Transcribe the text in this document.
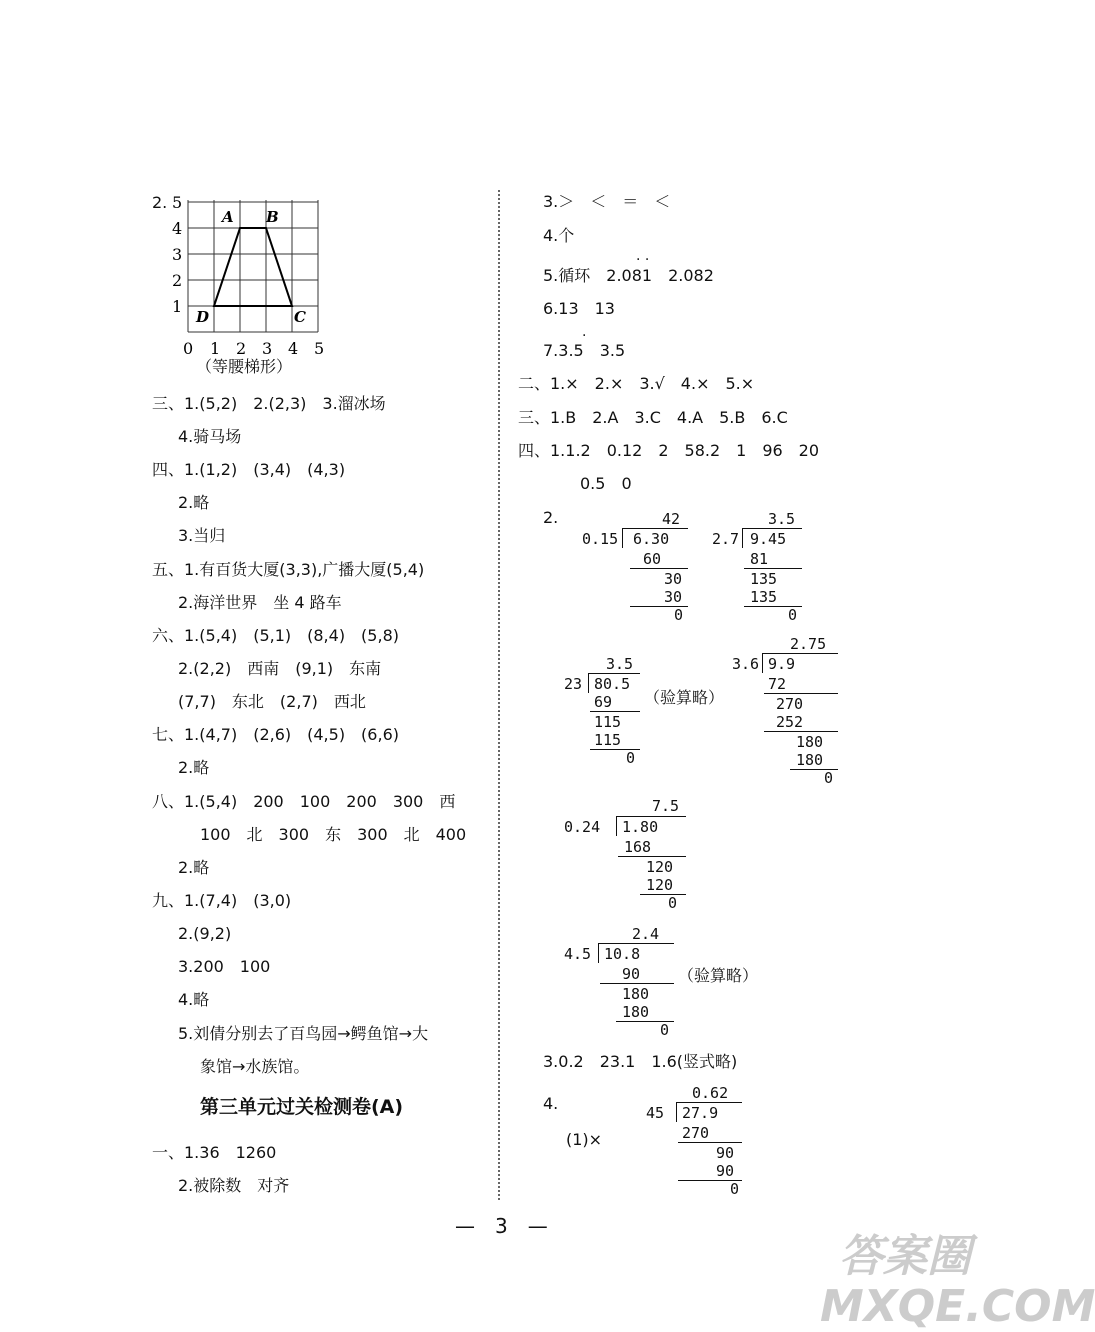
2. 5
4
3
2
1
0 1 2 3 4 5
A B
C
D
（等腰梯形）
三、1.(5,2)　2.(2,3)　3.溜冰场
4.骑马场
四、1.(1,2)　(3,4)　(4,3)
2.略
3.当归
五、1.有百货大厦(3,3),广播大厦(5,4)
2.海洋世界　坐 4 路车
六、1.(5,4)　(5,1)　(8,4)　(5,8)
2.(2,2)　西南　(9,1)　东南
(7,7)　东北　(2,7)　西北
七、1.(4,7)　(2,6)　(4,5)　(6,6)
2.略
八、1.(5,4)　200　100　200　300　西
100　北　300　东　300　北　400
2.略
九、1.(7,4)　(3,0)
2.(9,2)
3.200　100
4.略
5.刘倩分别去了百鸟园→鳄鱼馆→大
象馆→水族馆。
第三单元过关检测卷(A)
一、1.36　1260
2.被除数　对齐
3.＞　＜　＝　＜
4.个
5.循环　2.081　2.082
· ·
6.13　13
7.3.5　3.5
·
二、1.×　2.×　3.√　4.×　5.×
三、1.B　2.A　3.C　4.A　5.B　6.C
四、1.1.2　0.12　2　58.2　1　96　20
0.5　0
2.	42
0.15 6.30
60
30
30
0
3.5
2.7 9.45
81
135
135
0
3.5
23 80.5
69
115
115
0
（验算略）
2.75
3.6 9.9
72
270
252
180
180
0
7.5
0.24 1.80
168
120
120
0
2.4
4.5 10.8
90
180
180
0
（验算略）
3.0.2　23.1　1.6(竖式略)
4.
(1)×
0.62
45 27.9
270
90
90
0
—　3　—
答案圈 MXQE.COM
